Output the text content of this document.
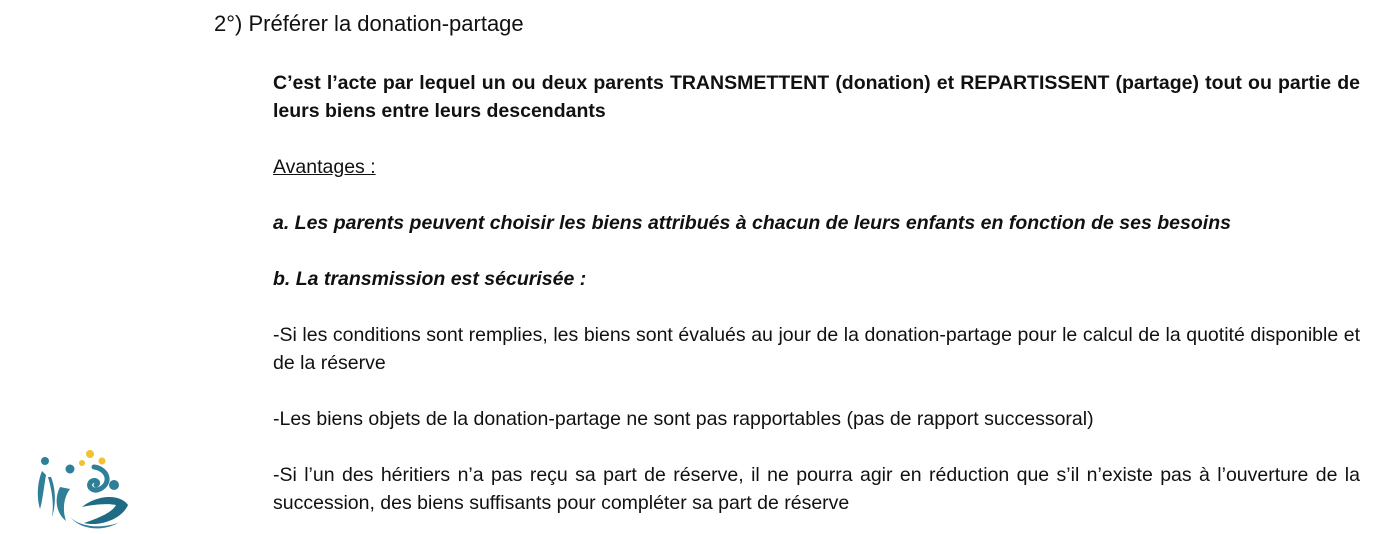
2°) Préférer la donation-partage
C’est l’acte par lequel un ou deux parents TRANSMETTENT (donation) et REPARTISSENT (partage) tout ou partie de leurs biens entre leurs descendants
Avantages :
a. Les parents peuvent choisir les biens attribués à chacun de leurs enfants en fonction de ses besoins
b. La transmission est sécurisée :
-Si les conditions sont remplies, les biens sont évalués au jour de la donation-partage pour le calcul de la quotité disponible et de la réserve
-Les biens objets de la donation-partage ne sont pas rapportables (pas de rapport successoral)
-Si l’un des héritiers n’a pas reçu sa part de réserve, il ne pourra agir en réduction que s’il n’existe pas à l’ouverture de la succession, des biens suffisants pour compléter sa part de réserve
